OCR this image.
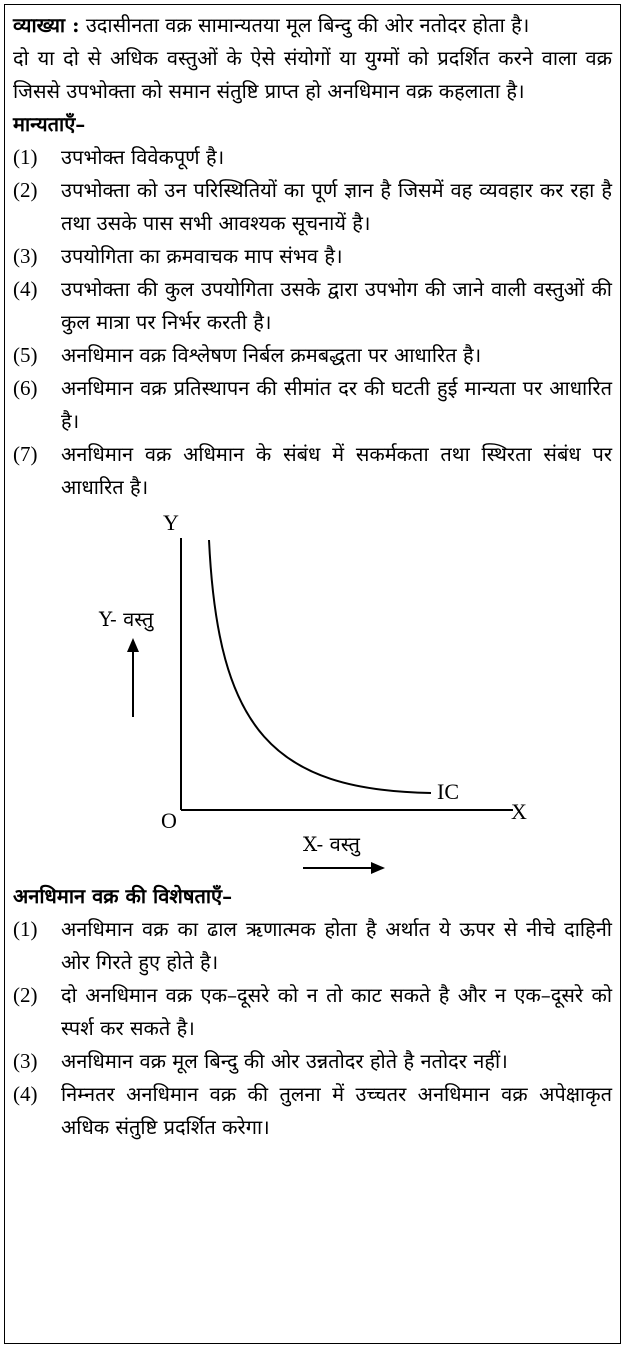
व्याख्या : उदासीनता वक्र सामान्यतया मूल बिन्दु की ओर नतोदर होता है।

दो या दो से अधिक वस्तुओं के ऐसे संयोगों या युग्मों को प्रदर्शित करने वाला वक्र जिससे उपभोक्ता को समान संतुष्टि प्राप्त हो अनधिमान वक्र कहलाता है।

मान्यताएँ–

(1)	उपभोक्त विवेकपूर्ण है।
(2)	उपभोक्ता को उन परिस्थितियों का पूर्ण ज्ञान है जिसमें वह व्यवहार कर रहा है तथा उसके पास सभी आवश्यक सूचनायें है।
(3)	उपयोगिता का क्रमवाचक माप संभव है।
(4)	उपभोक्ता की कुल उपयोगिता उसके द्वारा उपभोग की जाने वाली वस्तुओं की कुल मात्रा पर निर्भर करती है।
(5)	अनधिमान वक्र विश्लेषण निर्बल क्रमबद्धता पर आधारित है।
(6)	अनधिमान वक्र प्रतिस्थापन की सीमांत दर की घटती हुई मान्यता पर आधारित है।
(7)	अनधिमान वक्र अधिमान के संबंध में सकर्मकता तथा स्थिरता संबंध पर आधारित है।
Y
X
O
IC
Y- वस्तु
X- वस्तु

अनधिमान वक्र की विशेषताएँ–

(1)	अनधिमान वक्र का ढाल ऋणात्मक होता है अर्थात ये ऊपर से नीचे दाहिनी ओर गिरते हुए होते है।
(2)	दो अनधिमान वक्र एक–दूसरे को न तो काट सकते है और न एक–दूसरे को स्पर्श कर सकते है।
(3)	अनधिमान वक्र मूल बिन्दु की ओर उन्नतोदर होते है नतोदर नहीं।
(4)	निम्नतर अनधिमान वक्र की तुलना में उच्चतर अनधिमान वक्र अपेक्षाकृत अधिक संतुष्टि प्रदर्शित करेगा।
